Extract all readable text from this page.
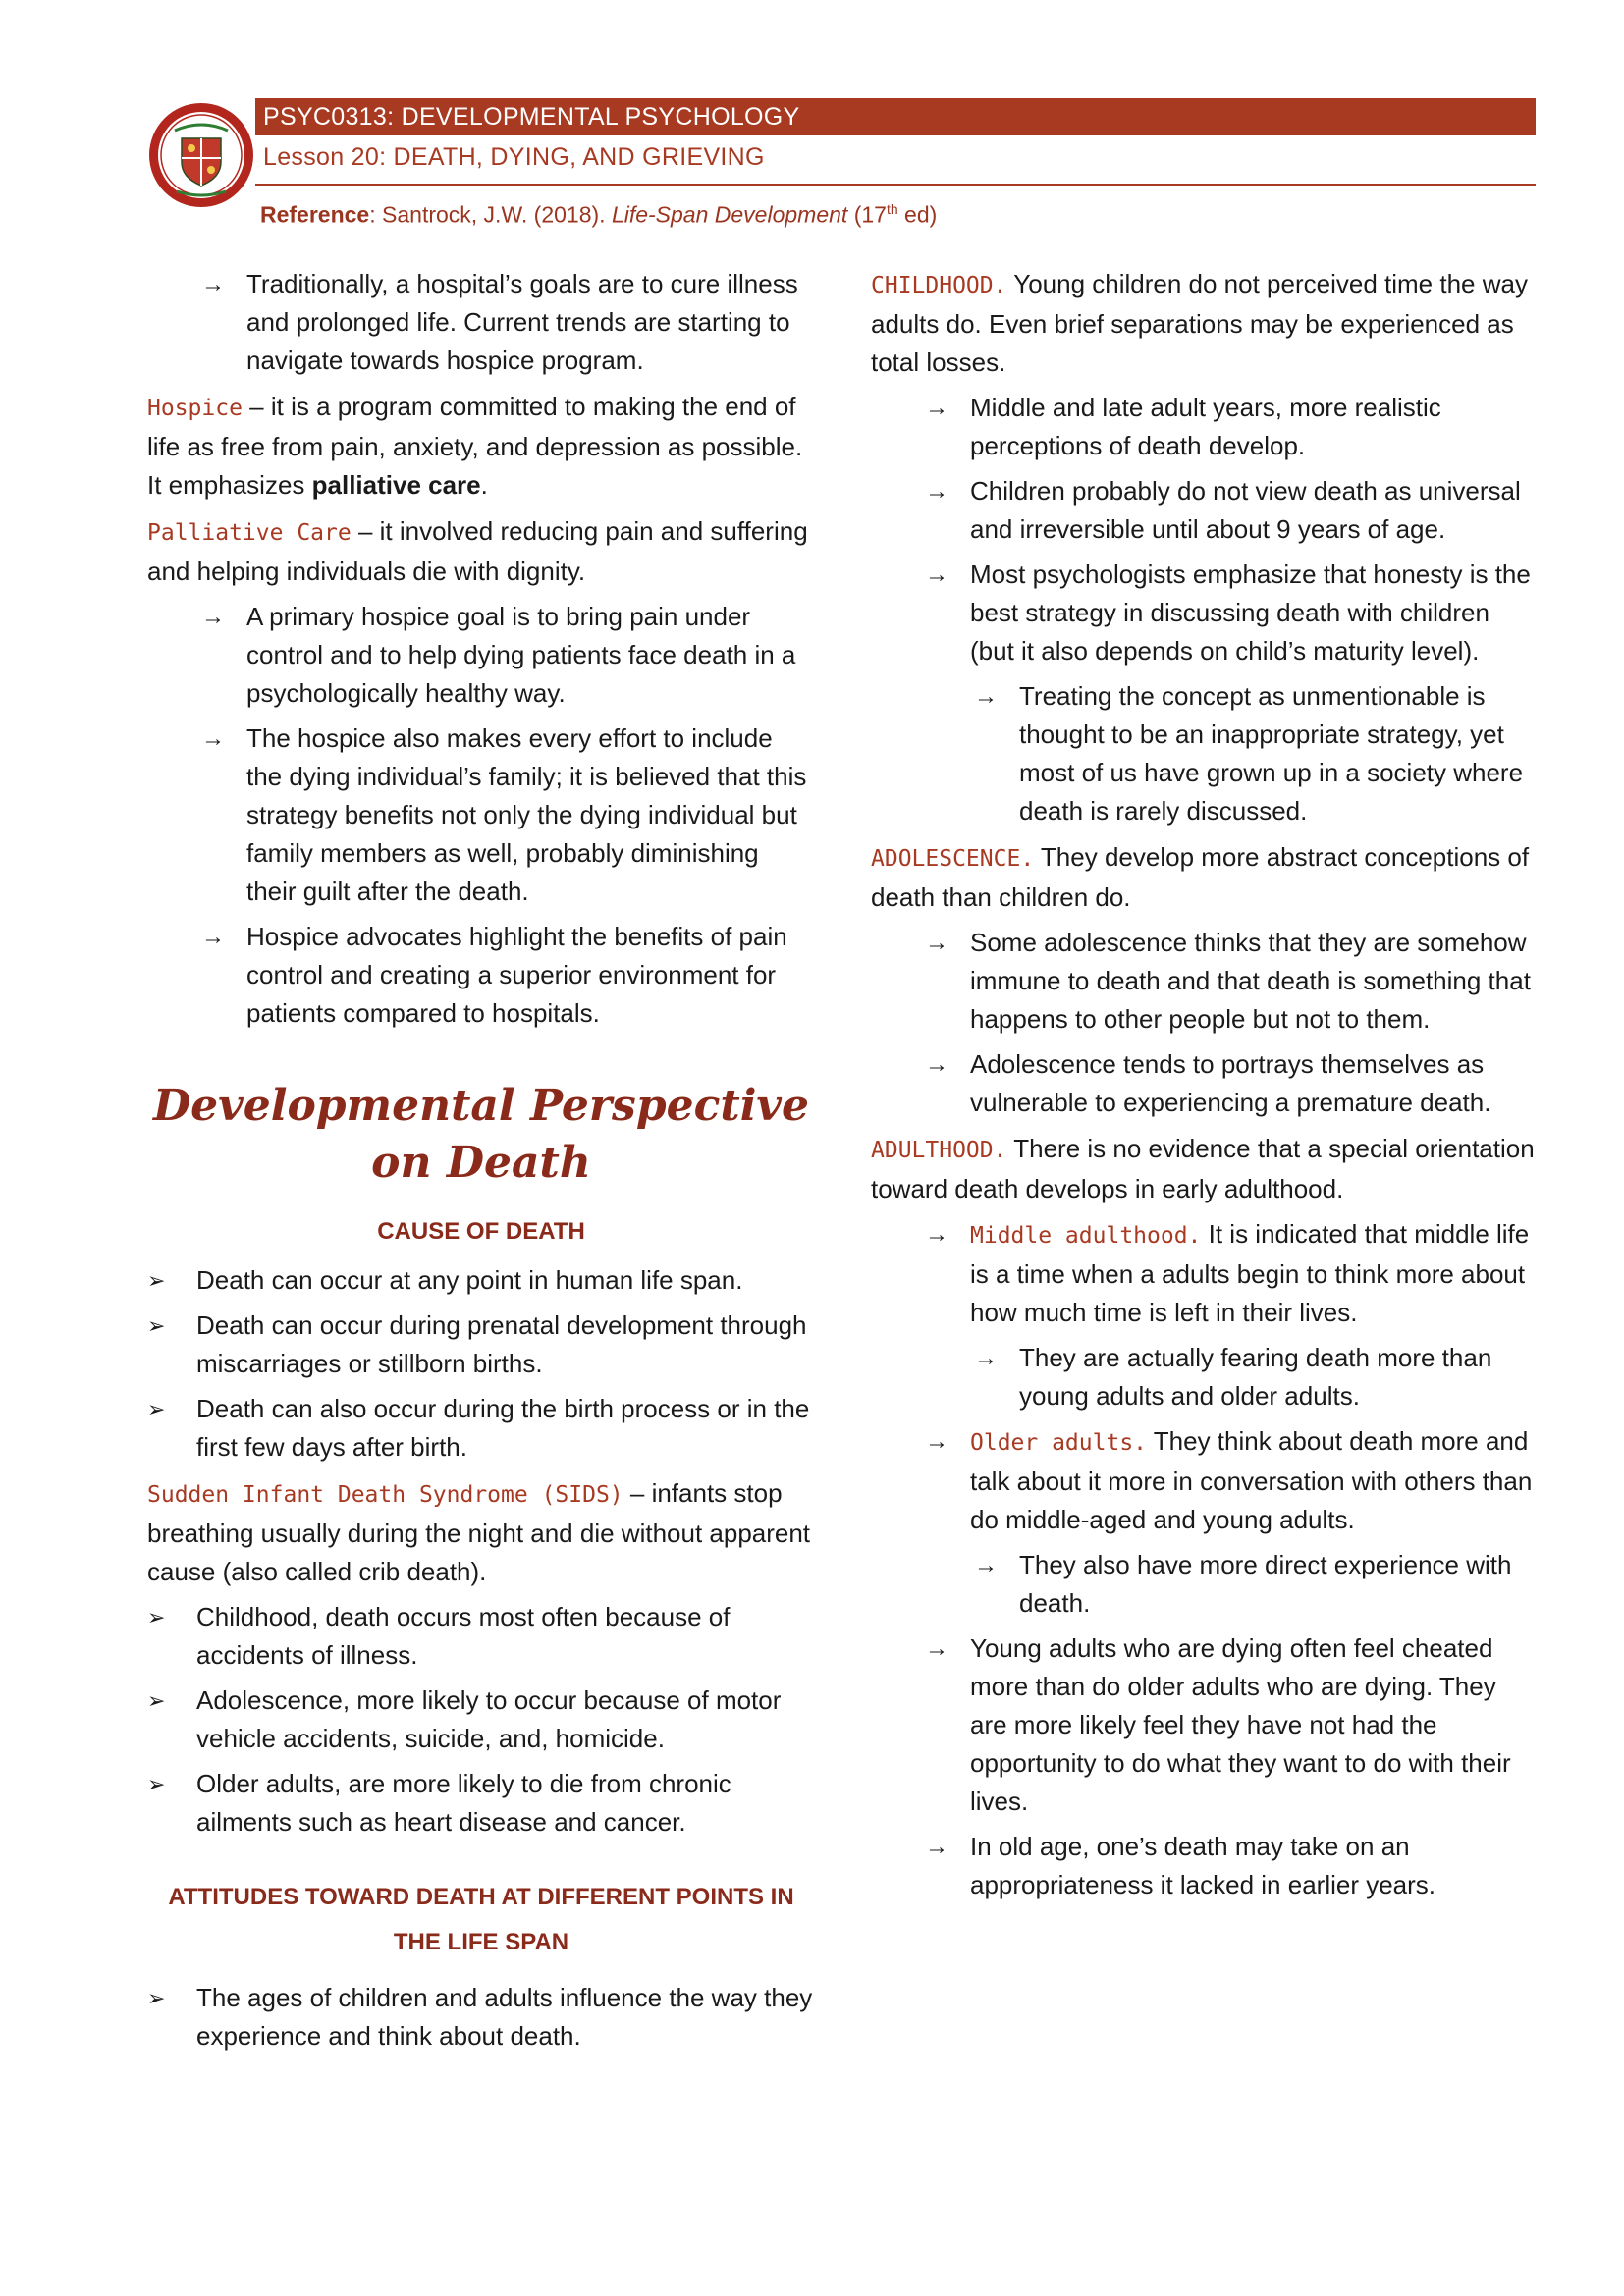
PSYC0313: DEVELOPMENTAL PSYCHOLOGY
Lesson 20: DEATH, DYING, AND GRIEVING
Reference: Santrock, J.W. (2018). Life-Span Development (17th ed)
→ Traditionally, a hospital’s goals are to cure illness and prolonged life. Current trends are starting to navigate towards hospice program.

Hospice – it is a program committed to making the end of life as free from pain, anxiety, and depression as possible. It emphasizes palliative care.

Palliative Care – it involved reducing pain and suffering and helping individuals die with dignity.

→ A primary hospice goal is to bring pain under control and to help dying patients face death in a psychologically healthy way.
→ The hospice also makes every effort to include the dying individual’s family; it is believed that this strategy benefits not only the dying individual but family members as well, probably diminishing their guilt after the death.
→ Hospice advocates highlight the benefits of pain control and creating a superior environment for patients compared to hospitals.
Developmental Perspective on Death
CAUSE OF DEATH
➢ Death can occur at any point in human life span.
➢ Death can occur during prenatal development through miscarriages or stillborn births.
➢ Death can also occur during the birth process or in the first few days after birth.

Sudden Infant Death Syndrome (SIDS) – infants stop breathing usually during the night and die without apparent cause (also called crib death).

➢ Childhood, death occurs most often because of accidents of illness.
➢ Adolescence, more likely to occur because of motor vehicle accidents, suicide, and, homicide.
➢ Older adults, are more likely to die from chronic ailments such as heart disease and cancer.
ATTITUDES TOWARD DEATH AT DIFFERENT POINTS IN THE LIFE SPAN
➢ The ages of children and adults influence the way they experience and think about death.

CHILDHOOD. Young children do not perceived time the way adults do. Even brief separations may be experienced as total losses.

→ Middle and late adult years, more realistic perceptions of death develop.
→ Children probably do not view death as universal and irreversible until about 9 years of age.
→ Most psychologists emphasize that honesty is the best strategy in discussing death with children (but it also depends on child’s maturity level).
→ Treating the concept as unmentionable is thought to be an inappropriate strategy, yet most of us have grown up in a society where death is rarely discussed.

ADOLESCENCE. They develop more abstract conceptions of death than children do.

→ Some adolescence thinks that they are somehow immune to death and that death is something that happens to other people but not to them.
→ Adolescence tends to portrays themselves as vulnerable to experiencing a premature death.

ADULTHOOD. There is no evidence that a special orientation toward death develops in early adulthood.

→ Middle adulthood. It is indicated that middle life is a time when a adults begin to think more about how much time is left in their lives.
→ They are actually fearing death more than young adults and older adults.
→ Older adults. They think about death more and talk about it more in conversation with others than do middle-aged and young adults.
→ They also have more direct experience with death.
→ Young adults who are dying often feel cheated more than do older adults who are dying. They are more likely feel they have not had the opportunity to do what they want to do with their lives.
→ In old age, one’s death may take on an appropriateness it lacked in earlier years.
